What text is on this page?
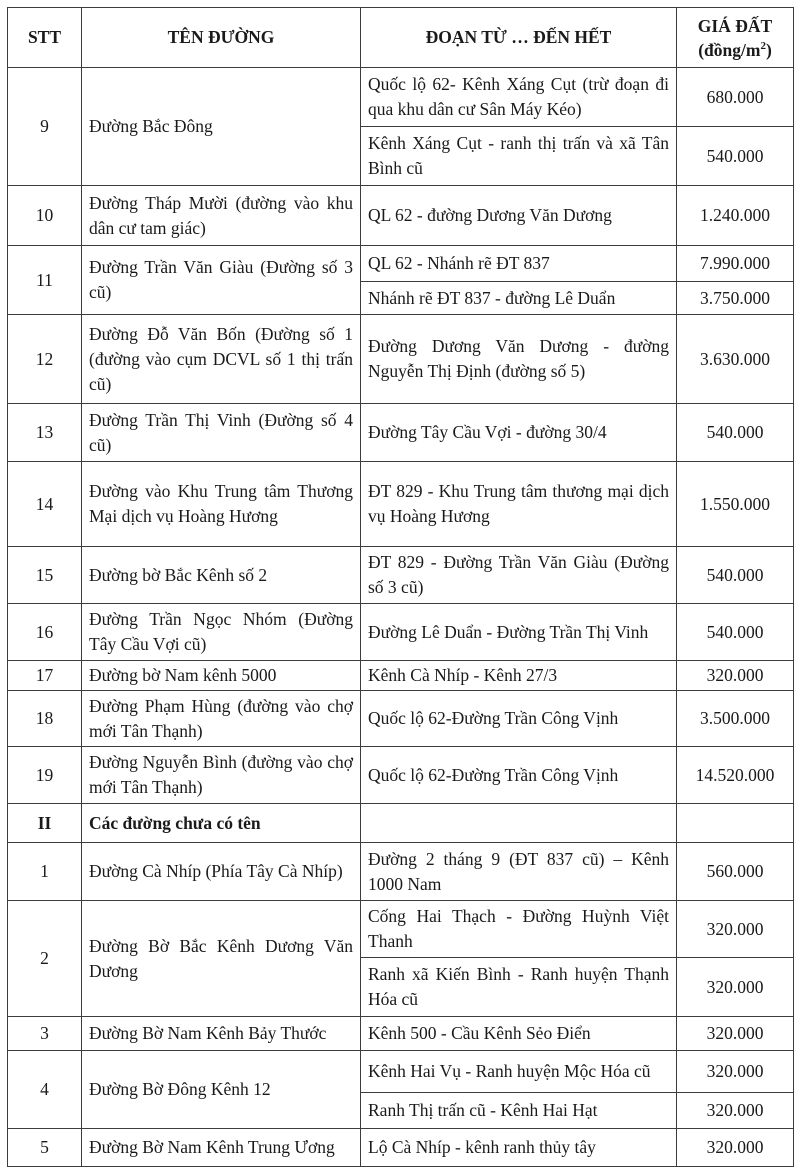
STT	TÊN ĐƯỜNG	ĐOẠN TỪ … ĐẾN HẾT	GIÁ ĐẤT
$(đồng/m^2)$
9	Đường Bắc Đông	Quốc lộ 62- Kênh Xáng Cụt (trừ đoạn đi qua khu dân cư Sân Máy Kéo)	680.000
		Kênh Xáng Cụt - ranh thị trấn và xã Tân Bình cũ	540.000
10	Đường Tháp Mười (đường vào khu dân cư tam giác)	QL 62 - đường Dương Văn Dương	1.240.000
11	Đường Trần Văn Giàu (Đường số 3 cũ)	QL 62 - Nhánh rẽ ĐT 837	7.990.000
		Nhánh rẽ ĐT 837 - đường Lê Duẩn	3.750.000
12	Đường Đỗ Văn Bốn (Đường số 1 (đường vào cụm DCVL số 1 thị trấn cũ)	Đường Dương Văn Dương - đường Nguyễn Thị Định (đường số 5)	3.630.000
13	Đường Trần Thị Vinh (Đường số 4 cũ)	Đường Tây Cầu Vợi - đường 30/4	540.000
14	Đường vào Khu Trung tâm Thương Mại dịch vụ Hoàng Hương	ĐT 829 - Khu Trung tâm thương mại dịch vụ Hoàng Hương	1.550.000
15	Đường bờ Bắc Kênh số 2	ĐT 829 - Đường Trần Văn Giàu (Đường số 3 cũ)	540.000
16	Đường Trần Ngọc Nhóm (Đường Tây Cầu Vợi cũ)	Đường Lê Duẩn - Đường Trần Thị Vinh	540.000
17	Đường bờ Nam kênh 5000	Kênh Cà Nhíp - Kênh 27/3	320.000
18	Đường Phạm Hùng (đường vào chợ mới Tân Thạnh)	Quốc lộ 62-Đường Trần Công Vịnh	3.500.000
19	Đường Nguyễn Bình (đường vào chợ mới Tân Thạnh)	Quốc lộ 62-Đường Trần Công Vịnh	14.520.000
II	Các đường chưa có tên		
1	Đường Cà Nhíp (Phía Tây Cà Nhíp)	Đường 2 tháng 9 (ĐT 837 cũ) – Kênh 1000 Nam	560.000
2	Đường Bờ Bắc Kênh Dương Văn Dương	Cống Hai Thạch - Đường Huỳnh Việt Thanh	320.000
		Ranh xã Kiến Bình - Ranh huyện Thạnh Hóa cũ	320.000
3	Đường Bờ Nam Kênh Bảy Thước	Kênh 500 - Cầu Kênh Sẻo Điển	320.000
4	Đường Bờ Đông Kênh 12	Kênh Hai Vụ - Ranh huyện Mộc Hóa cũ	320.000
		Ranh Thị trấn cũ - Kênh Hai Hạt	320.000
5	Đường Bờ Nam Kênh Trung Ương	Lộ Cà Nhíp - kênh ranh thủy tây	320.000
